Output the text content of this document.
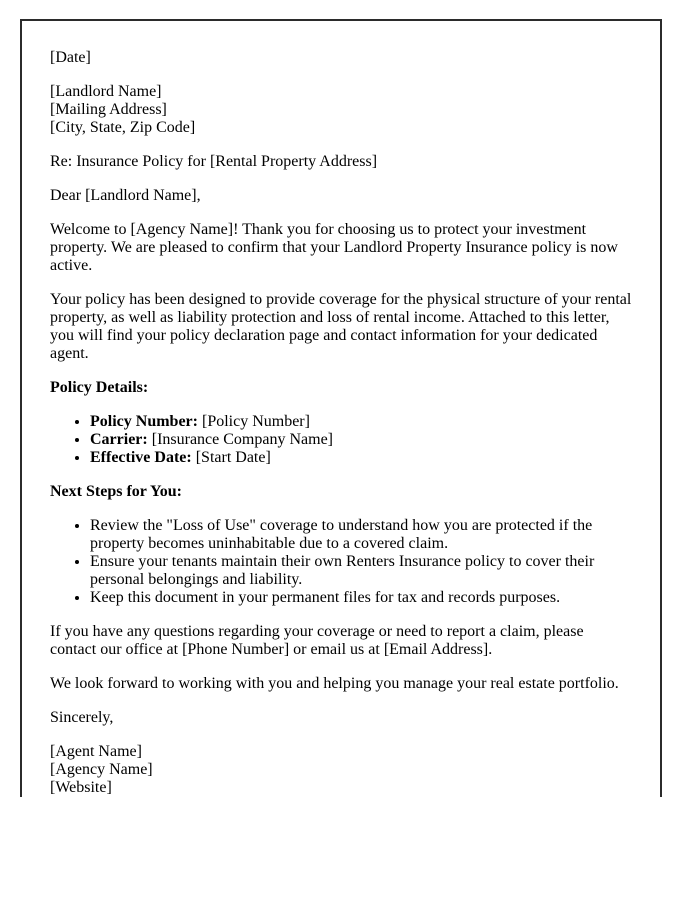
[Date]

[Landlord Name]
[Mailing Address]
[City, State, Zip Code]

Re: Insurance Policy for [Rental Property Address]

Dear [Landlord Name],

Welcome to [Agency Name]! Thank you for choosing us to protect your investment property. We are pleased to confirm that your Landlord Property Insurance policy is now active.

Your policy has been designed to provide coverage for the physical structure of your rental property, as well as liability protection and loss of rental income. Attached to this letter, you will find your policy declaration page and contact information for your dedicated agent.

Policy Details:

• Policy Number: [Policy Number]
• Carrier: [Insurance Company Name]
• Effective Date: [Start Date]

Next Steps for You:

• Review the "Loss of Use" coverage to understand how you are protected if the property becomes uninhabitable due to a covered claim.
• Ensure your tenants maintain their own Renters Insurance policy to cover their personal belongings and liability.
• Keep this document in your permanent files for tax and records purposes.

If you have any questions regarding your coverage or need to report a claim, please contact our office at [Phone Number] or email us at [Email Address].

We look forward to working with you and helping you manage your real estate portfolio.

Sincerely,

[Agent Name]
[Agency Name]
[Website]
